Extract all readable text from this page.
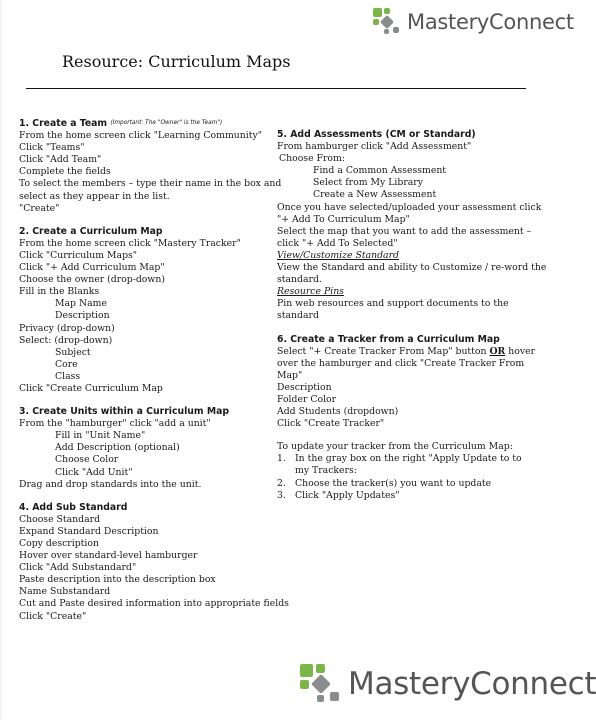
MasteryConnect
Resource: Curriculum Maps
1. Create a Team $^{(Important: The "Owner" is the Team")}$
From the home screen click "Learning Community"
Click "Teams"
Click "Add Team"
Complete the fields
To select the members – type their name in the box and
select as they appear in the list.
"Create"
2. Create a Curriculum Map
From the home screen click "Mastery Tracker"
Click "Curriculum Maps"
Click "+ Add Curriculum Map"
Choose the owner (drop-down)
Fill in the Blanks
Map Name
Description
Privacy (drop-down)
Select: (drop-down)
Subject
Core
Class
Click "Create Curriculum Map
3. Create Units within a Curriculum Map
From the "hamburger" click "add a unit"
Fill in "Unit Name"
Add Description (optional)
Choose Color
Click "Add Unit"
Drag and drop standards into the unit.
4. Add Sub Standard
Choose Standard
Expand Standard Description
Copy description
Hover over standard-level hamburger
Click "Add Substandard"
Paste description into the description box
Name Substandard
Cut and Paste desired information into appropriate fields
Click "Create"
5. Add Assessments (CM or Standard)
From hamburger click "Add Assessment"
Choose From:
Find a Common Assessment
Select from My Library
Create a New Assessment
Once you have selected/uploaded your assessment click
"+ Add To Curriculum Map"
Select the map that you want to add the assessment –
click "+ Add To Selected"
View/Customize Standard
View the Standard and ability to Customize / re-word the
standard.
Resource Pins
Pin web resources and support documents to the
standard
6. Create a Tracker from a Curriculum Map
Select "+ Create Tracker From Map" button OR hover
over the hamburger and click "Create Tracker From
Map"
Description
Folder Color
Add Students (dropdown)
Click "Create Tracker"
To update your tracker from the Curriculum Map:
1. In the gray box on the right "Apply Update to to
my Trackers:
2. Choose the tracker(s) you want to update
3. Click "Apply Updates"
MasteryConnect
